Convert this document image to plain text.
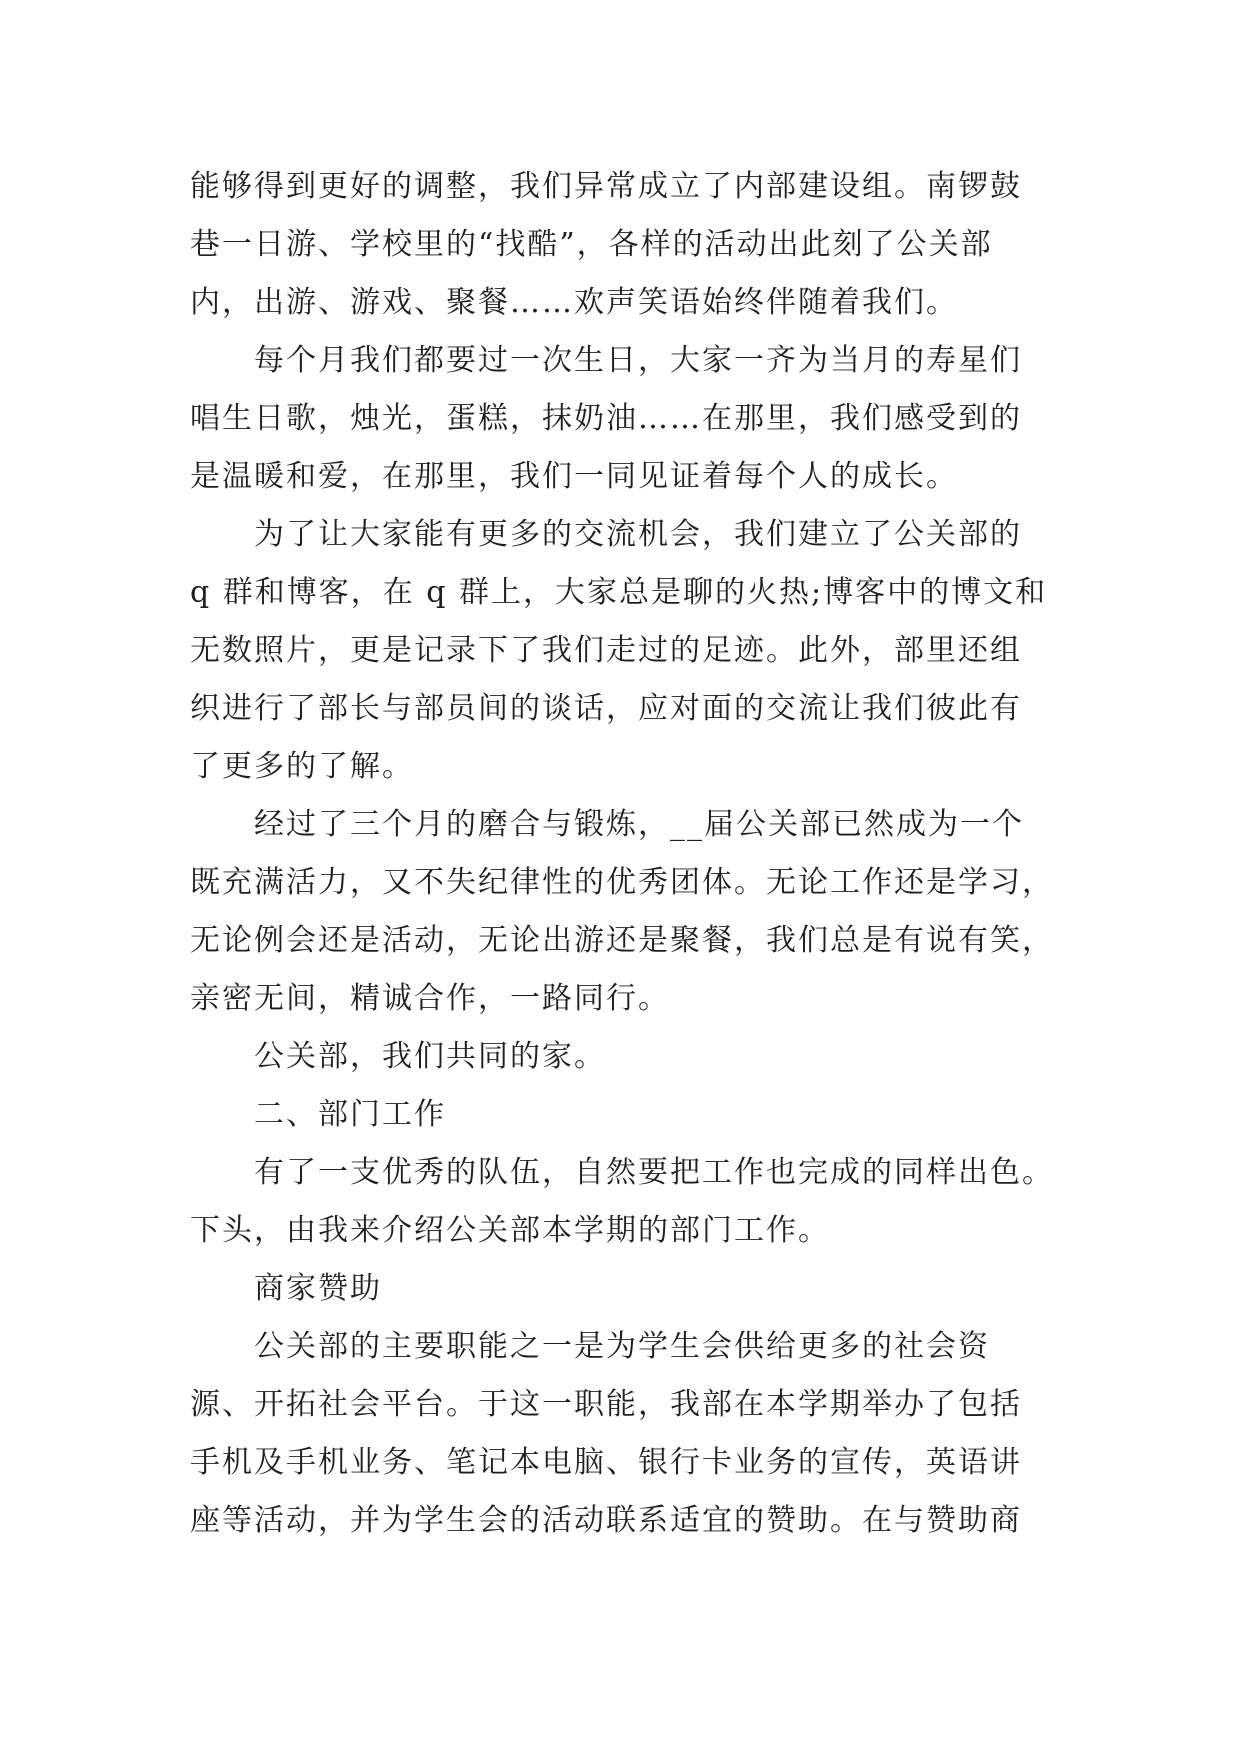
能够得到更好的调整，我们异常成立了内部建设组。南锣鼓
巷一日游、学校里的“找酷”，各样的活动出此刻了公关部
内，出游、游戏、聚餐……欢声笑语始终伴随着我们。
每个月我们都要过一次生日，大家一齐为当月的寿星们
唱生日歌，烛光，蛋糕，抹奶油……在那里，我们感受到的
是温暖和爱，在那里，我们一同见证着每个人的成长。
为了让大家能有更多的交流机会，我们建立了公关部的
q 群和博客，在 q 群上，大家总是聊的火热;博客中的博文和
无数照片，更是记录下了我们走过的足迹。此外，部里还组
织进行了部长与部员间的谈话，应对面的交流让我们彼此有
了更多的了解。
经过了三个月的磨合与锻炼，__届公关部已然成为一个
既充满活力，又不失纪律性的优秀团体。无论工作还是学习，
无论例会还是活动，无论出游还是聚餐，我们总是有说有笑，
亲密无间，精诚合作，一路同行。
公关部，我们共同的家。
二、部门工作
有了一支优秀的队伍，自然要把工作也完成的同样出色。
下头，由我来介绍公关部本学期的部门工作。
商家赞助
公关部的主要职能之一是为学生会供给更多的社会资
源、开拓社会平台。于这一职能，我部在本学期举办了包括
手机及手机业务、笔记本电脑、银行卡业务的宣传，英语讲
座等活动，并为学生会的活动联系适宜的赞助。在与赞助商
